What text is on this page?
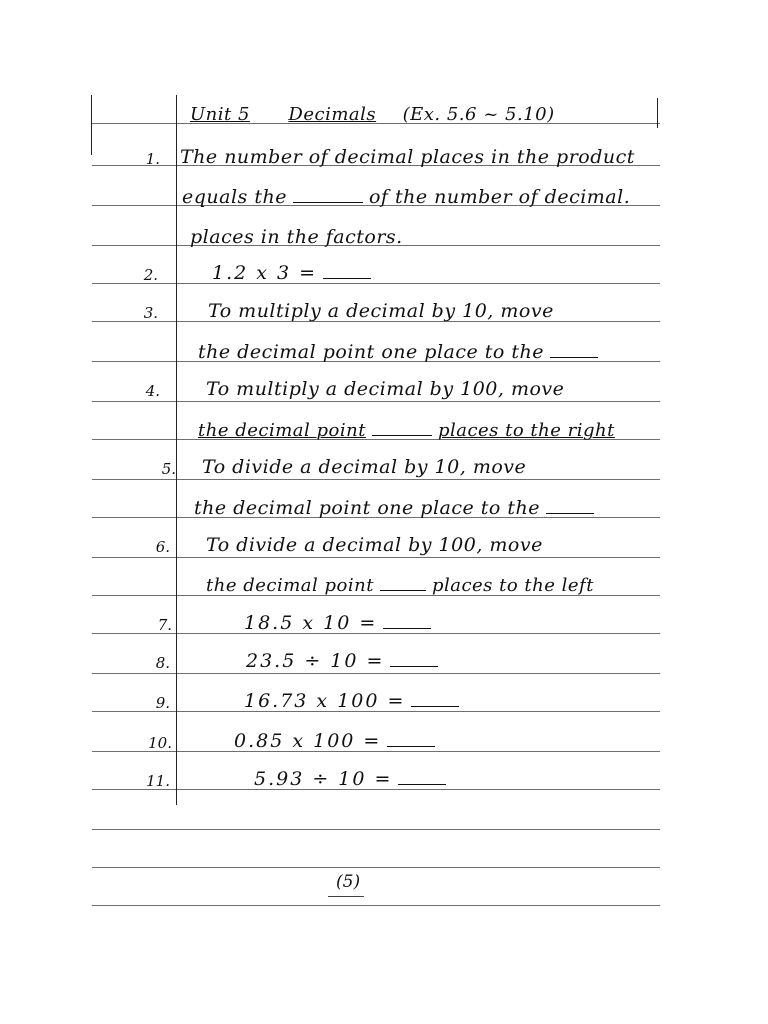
Unit 5 Decimals (Ex. 5.6 ~ 5.10)
1. The number of decimal places in the product
equals the	of the number of decimal.
places in the factors.
2.	1.2 x 3 =
3.	To multiply a decimal by 10, move
the decimal point one place to the
4. To multiply a decimal by 100, move
the decimal point	places to the right
5. To divide a decimal by 10, move
the decimal point one place to the
6. To divide a decimal by 100, move
the decimal point	places to the left
7.	18.5 x 10 =
8.	23.5 ÷ 10 =
9.	16.73 x 100 =
10.	0.85 x 100 =
11.	5.93 ÷ 10 =
(5)
